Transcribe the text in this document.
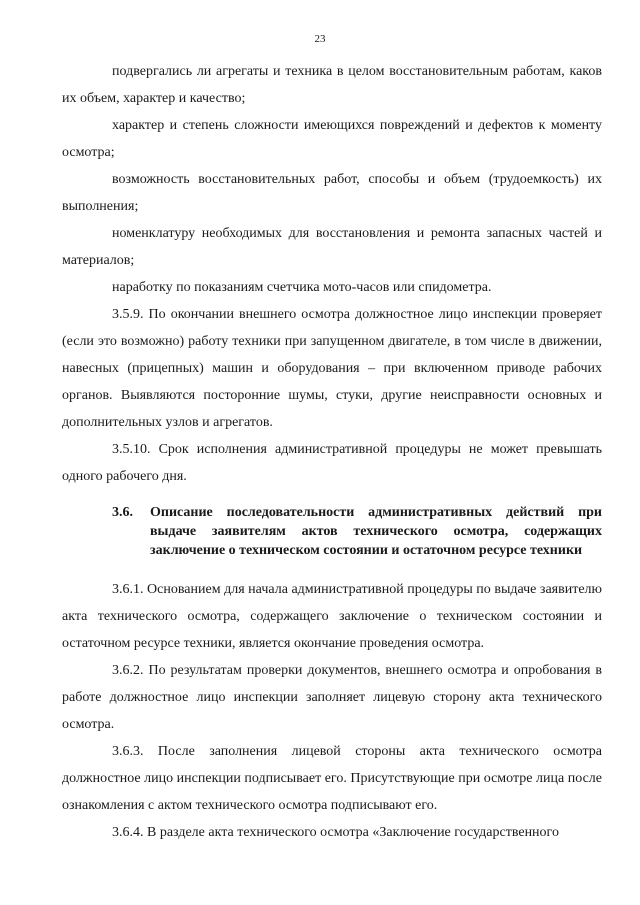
23

подвергались ли агрегаты и техника в целом восстановительным работам, каков их объем, характер и качество;

характер и степень сложности имеющихся повреждений и дефектов к моменту осмотра;

возможность восстановительных работ, способы и объем (трудоемкость) их выполнения;

номенклатуру необходимых для восстановления и ремонта запасных частей и материалов;

наработку по показаниям счетчика мото-часов или спидометра.

3.5.9. По окончании внешнего осмотра должностное лицо инспекции проверяет (если это возможно) работу техники при запущенном двигателе, в том числе в движении, навесных (прицепных) машин и оборудования – при включенном приводе рабочих органов. Выявляются посторонние шумы, стуки, другие неисправности основных и дополнительных узлов и агрегатов.

3.5.10. Срок исполнения административной процедуры не может превышать одного рабочего дня.

3.6.	Описание последовательности административных действий при выдаче заявителям актов технического осмотра, содержащих заключение о техническом состоянии и остаточном ресурсе техники

3.6.1. Основанием для начала административной процедуры по выдаче заявителю акта технического осмотра, содержащего заключение о техническом состоянии и остаточном ресурсе техники, является окончание проведения осмотра.

3.6.2. По результатам проверки документов, внешнего осмотра и опробования в работе должностное лицо инспекции заполняет лицевую сторону акта технического осмотра.

3.6.3. После заполнения лицевой стороны акта технического осмотра должностное лицо инспекции подписывает его. Присутствующие при осмотре лица после ознакомления с актом технического осмотра подписывают его.

3.6.4. В разделе акта технического осмотра «Заключение государственного
